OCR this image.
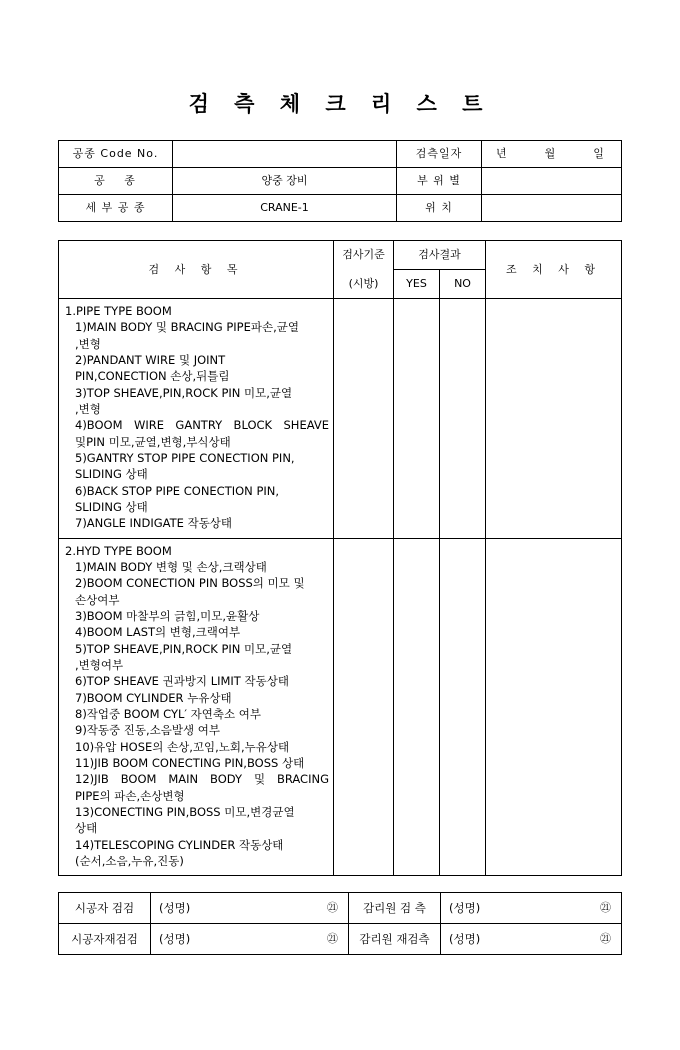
검 측 체 크 리 스 트
공종 Code No.		검측일자	년 월 일
공 종	양중 장비	부 위 별	
세 부 공 종	CRANE-1	위 치	
검 사 항 목	검사기준	검사결과		조 치 사 항
	(시방)	YES	NO	

1.PIPE TYPE BOOM
1)MAIN BODY 및 BRACING PIPE파손,균열
,변형
2)PANDANT WIRE 및 JOINT
PIN,CONECTION 손상,뒤틀림
3)TOP SHEAVE,PIN,ROCK PIN 미모,균열
,변형
4)BOOM WIRE GANTRY BLOCK SHEAVE
및PIN 미모,균열,변형,부식상태
5)GANTRY STOP PIPE CONECTION PIN,
SLIDING 상태
6)BACK STOP PIPE CONECTION PIN,
SLIDING 상태
7)ANGLE INDIGATE 작동상태

2.HYD TYPE BOOM
1)MAIN BODY 변형 및 손상,크랙상태
2)BOOM CONECTION PIN BOSS의 미모 및
손상여부
3)BOOM 마찰부의 긁힘,미모,윤활상
4)BOOM LAST의 변형,크랙여부
5)TOP SHEAVE,PIN,ROCK PIN 미모,균열
,변형여부
6)TOP SHEAVE 권과방지 LIMIT 작동상태
7)BOOM CYLINDER 누유상태
8)작업중 BOOM CYL′ 자연축소 여부
9)작동중 진동,소음발생 여부
10)유압 HOSE의 손상,꼬임,노회,누유상태
11)JIB BOOM CONECTING PIN,BOSS 상태
12)JIB BOOM MAIN BODY 및 BRACING
PIPE의 파손,손상변형
13)CONECTING PIN,BOSS 미모,변경균열
상태
14)TELESCOPING CYLINDER 작동상태
(순서,소음,누유,진동)

시공자 검검	(성명) ㉑	감리원 검 측	(성명) ㉑

시공자재검검	(성명) ㉑	감리원 재검측	(성명) ㉑
